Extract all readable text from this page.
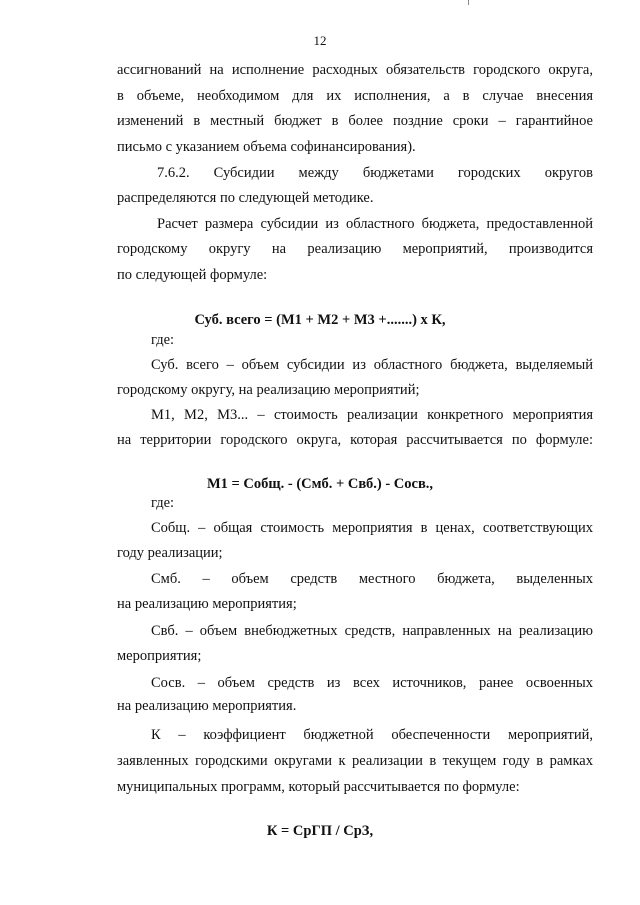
12
ассигнований на исполнение расходных обязательств городского округа,
в объеме, необходимом для их исполнения, а в случае внесения
изменений в местный бюджет в более поздние сроки – гарантийное
письмо с указанием объема софинансирования).
7.6.2. Субсидии между бюджетами городских округов
распределяются по следующей методике.
Расчет размера субсидии из областного бюджета, предоставленной
городскому округу на реализацию мероприятий, производится
по следующей формуле:
Суб. всего = (М1 + М2 + М3 +.......) х К,
где:
Суб. всего – объем субсидии из областного бюджета, выделяемый
городскому округу, на реализацию мероприятий;
М1, М2, М3... – стоимость реализации конкретного мероприятия
на территории городского округа, которая рассчитывается по формуле:
М1 = Собщ. - (Смб. + Свб.) - Сосв.,
где:
Собщ. – общая стоимость мероприятия в ценах, соответствующих
году реализации;
Смб. – объем средств местного бюджета, выделенных
на реализацию мероприятия;
Свб. – объем внебюджетных средств, направленных на реализацию
мероприятия;
Сосв. – объем средств из всех источников, ранее освоенных
на реализацию мероприятия.
К – коэффициент бюджетной обеспеченности мероприятий,
заявленных городскими округами к реализации в текущем году в рамках
муниципальных программ, который рассчитывается по формуле:
К = СрГП / СрЗ,
